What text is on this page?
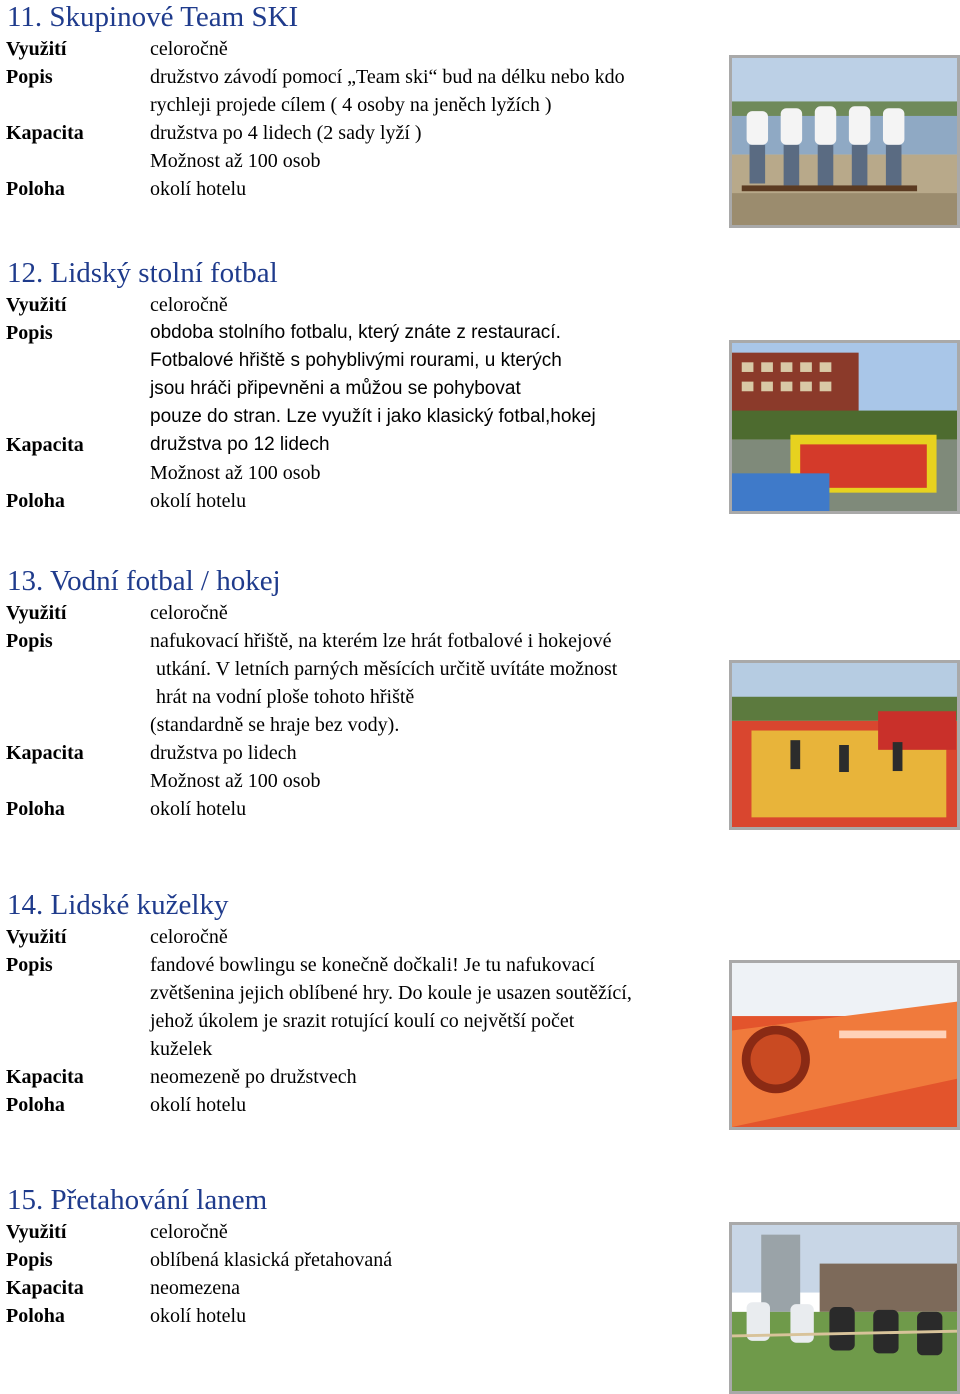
11. Skupinové Team SKI
Využití	celoročně
Popis	družstvo závodí pomocí „Team ski“ bud na délku nebo kdo
rychleji projede cílem ( 4 osoby na jeněch lyžích )
Kapacita	družstva po 4 lidech (2 sady lyží )
Možnost až 100 osob
Poloha	okolí hotelu
12. Lidský stolní fotbal
Využití	celoročně
Popis	obdoba stolního fotbalu, který znáte z restaurací.
Fotbalové hřiště s pohyblivými rourami, u kterých
jsou hráči připevněni a můžou se pohybovat
pouze do stran. Lze využít i jako klasický fotbal,hokej
Kapacita	družstva po 12 lidech
Možnost až 100 osob
Poloha	okolí hotelu
13. Vodní fotbal / hokej
Využití	celoročně
Popis	nafukovací hřiště, na kterém lze hrát fotbalové i hokejové
utkání. V letních parných měsících určitě uvítáte možnost
hrát na vodní ploše tohoto hřiště
(standardně se hraje bez vody).
Kapacita	družstva po lidech
Možnost až 100 osob
Poloha	okolí hotelu
14. Lidské kuželky
Využití	celoročně
Popis	fandové bowlingu se konečně dočkali! Je tu nafukovací
zvětšenina jejich oblíbené hry. Do koule je usazen soutěžící,
jehož úkolem je srazit rotující koulí co největší počet
kuželek
Kapacita	neomezeně po družstvech
Poloha	okolí hotelu
15. Přetahování lanem
Využití	celoročně
Popis	oblíbená klasická přetahovaná
Kapacita	neomezena
Poloha	okolí hotelu
